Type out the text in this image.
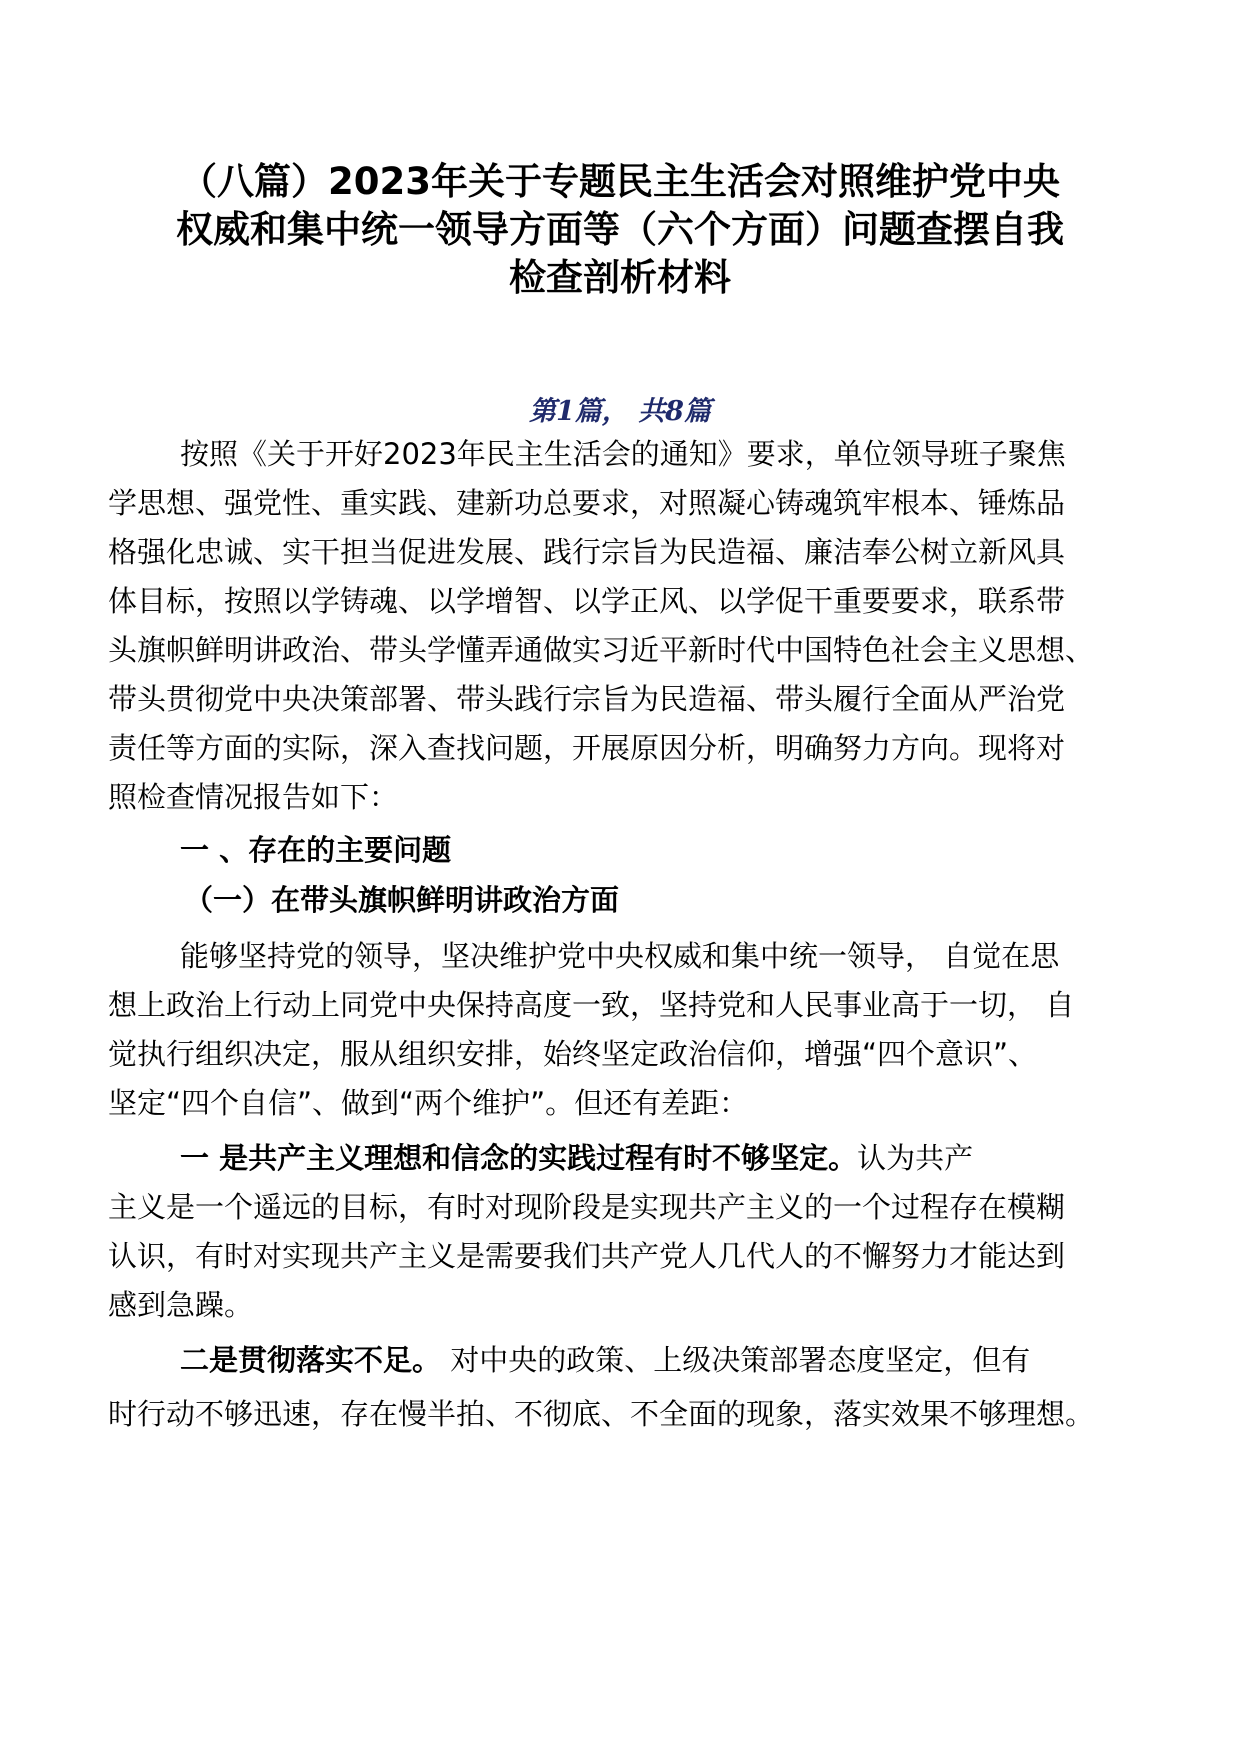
（八篇）2023年关于专题民主生活会对照维护党中央
权威和集中统一领导方面等（六个方面）问题查摆自我
检查剖析材料
第1篇， 共8篇
按照《关于开好2023年民主生活会的通知》要求，单位领导班子聚焦
学思想、强党性、重实践、建新功总要求，对照凝心铸魂筑牢根本、锤炼品
格强化忠诚、实干担当促进发展、践行宗旨为民造福、廉洁奉公树立新风具
体目标，按照以学铸魂、以学增智、以学正风、以学促干重要要求，联系带
头旗帜鲜明讲政治、带头学懂弄通做实习近平新时代中国特色社会主义思想、
带头贯彻党中央决策部署、带头践行宗旨为民造福、带头履行全面从严治党
责任等方面的实际，深入查找问题，开展原因分析，明确努力方向。现将对
照检查情况报告如下：
一 、存在的主要问题
（一）在带头旗帜鲜明讲政治方面
能够坚持党的领导，坚决维护党中央权威和集中统一领导， 自觉在思
想上政治上行动上同党中央保持高度一致，坚持党和人民事业高于一切， 自
觉执行组织决定，服从组织安排，始终坚定政治信仰，增强“四个意识”、
坚定“四个自信”、做到“两个维护”。但还有差距：
一 是共产主义理想和信念的实践过程有时不够坚定。认为共产
主义是一个遥远的目标，有时对现阶段是实现共产主义的一个过程存在模糊
认识，有时对实现共产主义是需要我们共产党人几代人的不懈努力才能达到
感到急躁。
二是贯彻落实不足。 对中央的政策、上级决策部署态度坚定，但有
时行动不够迅速，存在慢半拍、不彻底、不全面的现象，落实效果不够理想。
